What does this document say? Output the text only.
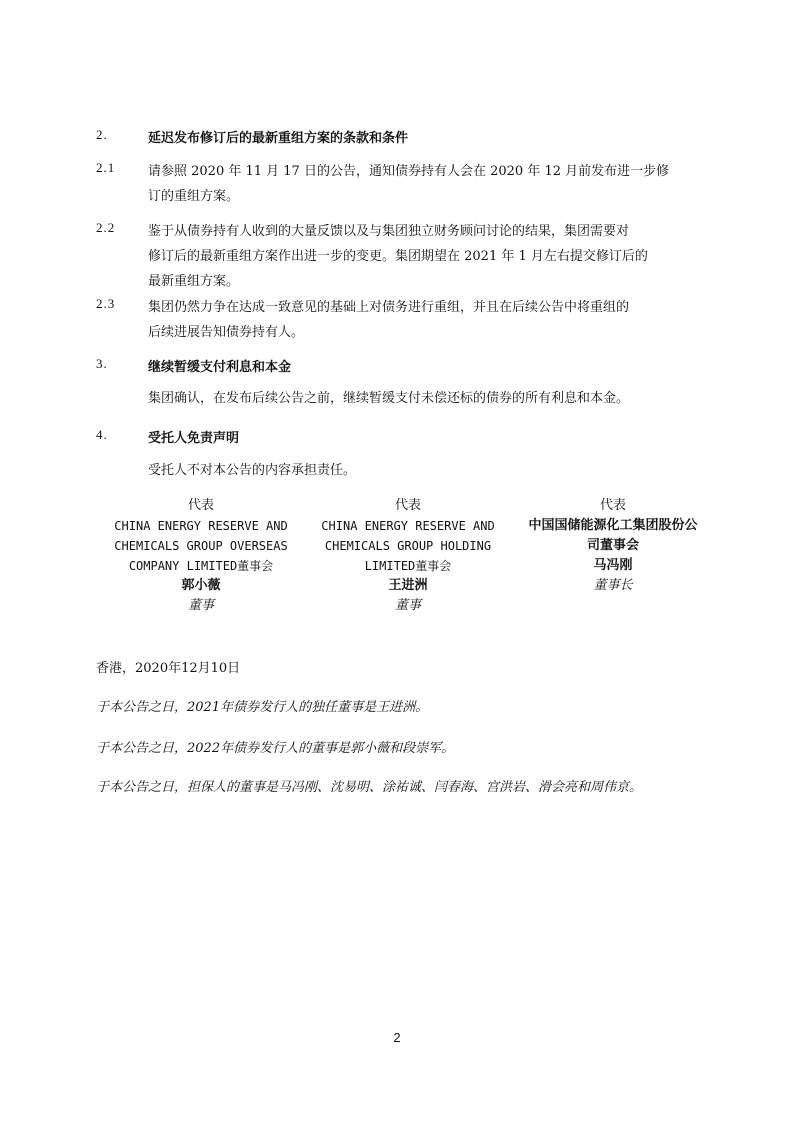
2.	延迟发布修订后的最新重组方案的条款和条件
2.1	请参照 2020 年 11 月 17 日的公告，通知债券持有人会在 2020 年 12 月前发布进一步修
订的重组方案。
2.2	鉴于从债券持有人收到的大量反馈以及与集团独立财务顾问讨论的结果，集团需要对
修订后的最新重组方案作出进一步的变更。集团期望在 2021 年 1 月左右提交修订后的
最新重组方案。
2.3	集团仍然力争在达成一致意见的基础上对债务进行重组，并且在后续公告中将重组的
后续进展告知债券持有人。
3.	继续暂缓支付利息和本金
集团确认，在发布后续公告之前，继续暂缓支付未偿还标的债券的所有利息和本金。
4.	受托人免责声明
受托人不对本公告的内容承担责任。
代表
CHINA ENERGY RESERVE AND
CHEMICALS GROUP OVERSEAS
COMPANY LIMITED董事会
郭小薇
董事
代表
CHINA ENERGY RESERVE AND
CHEMICALS GROUP HOLDING
LIMITED董事会
王进洲
董事
代表
中国国储能源化工集团股份公
司董事会
马冯刚
董事长
香港，2020年12月10日
于本公告之日，2021年债券发行人的独任董事是王进洲。
于本公告之日，2022年债券发行人的董事是郭小薇和段崇军。
于本公告之日，担保人的董事是马冯刚、沈易明、涂祐诚、闫春海、宫洪岩、滑会亮和周伟京。
2
